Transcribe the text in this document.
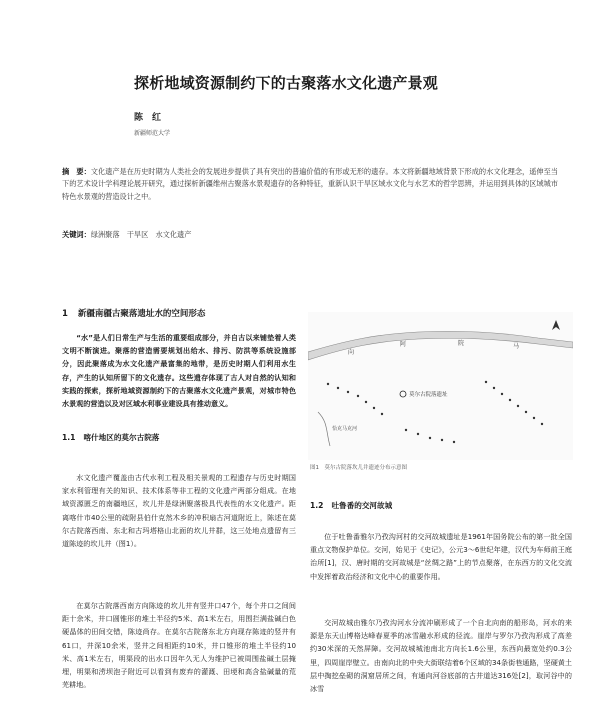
探析地域资源制约下的古聚落水文化遗产景观
陈　红
新疆师范大学
摘　要：文化遗产是在历史时期为人类社会的发展进步提供了具有突出的普遍价值的有形或无形的遗存。本文将新疆地域背景下形成的水文化理念，遥伸至当下的艺术设计学科理论展开研究，通过探析新疆维州古聚落水景观遗存的各种特征，重新认识干旱区域水文化与水艺术的哲学思辨，并运用到具体的区域城市特色水景观的营造设计之中。
关键词：绿洲聚落　干旱区　水文化遗产
1 新疆南疆古聚落遗址水的空间形态
“水”是人们日常生产与生活的重要组成部分，并自古以来铺垫着人类文明不断演进。聚落的营造需要规划出给水、排污、防洪等系统设施部分，因此聚落成为水文化遗产最富集的地带，是历史时期人们利用水生存，产生的认知所留下的文化遗存。这些遗存体现了古人对自然的认知和实践的探索，探析地域资源制约下的古聚落水文化遗产景观，对城市特色水景观的营造以及对区域水利事业建设具有推动意义。
1.1 喀什地区的莫尔古院落
水文化遗产覆盖由古代水利工程及相关景观的工程遗存与历史时期国家水利管理有关的知识、技术体系等非工程的文化遗产两部分组成。在地域资源匮乏的南疆地区，坎儿井是绿洲聚落极具代表性的水文化遗产。距离喀什市40公里的疏附县伯什克然木乡的冲积扇古河道附近上，陈述在莫尔古院落西南、东北和古玛塔格山北面的坎儿井群，这三处地点遗留有三道陈迹的坎儿井（图1）。
在莫尔古院落西南方向陈迹的坎儿井有竖井口47个，每个井口之间间距十余米，井口圆锥形的堆土半径约5米、高1米左右，用围拦满盐碱白色硬晶体的田间交错，陈迹尚存。在莫尔古院落东北方向现存陈迹的竖井有61口，井深10余米，竖井之间相距约10米，井口锥形的堆土半径约10米、高1米左右，明渠段的出水口因年久无人为维护已被周围盐碱土层掩埋，明渠和涝坝泡子附近可以看到有废弃的灌溉、田埂和高含盐碱量的荒芜耕地。
向
阿	院	马
莫尔古院落遗址
恰克马克河
图1　莫尔古院落坎儿井遗迹分布示意图
1.2 吐鲁番的交河故城
位于吐鲁番雅尔乃孜沟河村的交河故城遗址是1961年国务院公布的第一批全国重点文物保护单位。交河，始见于《史记》，公元3～6世纪年建，汉代为车师前王庭治所[1]，汉、唐时期的交河故城是“丝绸之路”上的节点聚落，在东西方的文化交流中发挥着政治经济和文化中心的重要作用。
交河故城由雅尔乃孜沟河水分流冲刷形成了一个自北向南的船形岛，河水的来源是东天山博格达峰春夏季的冰雪融水形成的径流。崖岸与罗尔乃孜沟形成了高差约30米深的天然屏障。交河故城城池南北方向长1.6公里，东西向最宽处约0.3公里，四周崖岸壁立。由南向北的中央大街联结着6个区域的34条街巷通路，坚硬黄土层中掏挖垒砌的洞窟居所之间，有通向河谷底部的古井道达316处[2]，取河谷中的冰雪
